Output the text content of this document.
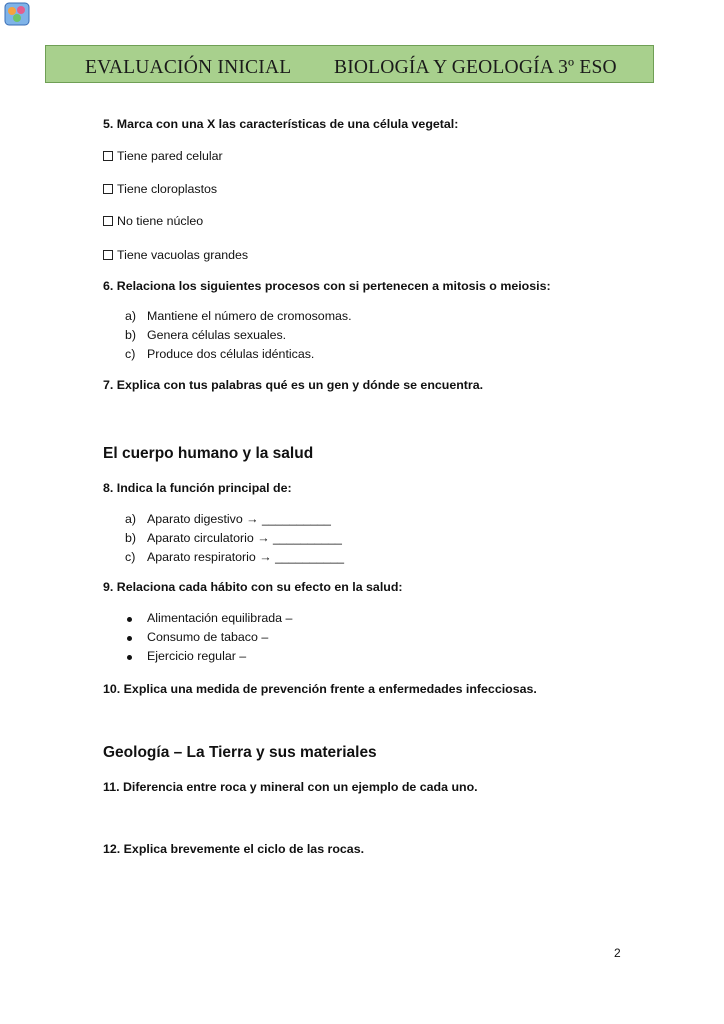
EVALUACIÓN INICIAL BIOLOGÍA Y GEOLOGÍA 3º ESO
5. Marca con una X las características de una célula vegetal:
Tiene pared celular
Tiene cloroplastos
No tiene núcleo
Tiene vacuolas grandes
6. Relaciona los siguientes procesos con si pertenecen a mitosis o meiosis:
a) Mantiene el número de cromosomas.
b) Genera células sexuales.
c) Produce dos células idénticas.
7. Explica con tus palabras qué es un gen y dónde se encuentra.
El cuerpo humano y la salud
8. Indica la función principal de:
a) Aparato digestivo → __________
b) Aparato circulatorio → __________
c) Aparato respiratorio → __________
9. Relaciona cada hábito con su efecto en la salud:
Alimentación equilibrada –
Consumo de tabaco –
Ejercicio regular –
10. Explica una medida de prevención frente a enfermedades infecciosas.
Geología – La Tierra y sus materiales
11. Diferencia entre roca y mineral con un ejemplo de cada uno.
12. Explica brevemente el ciclo de las rocas.
2
